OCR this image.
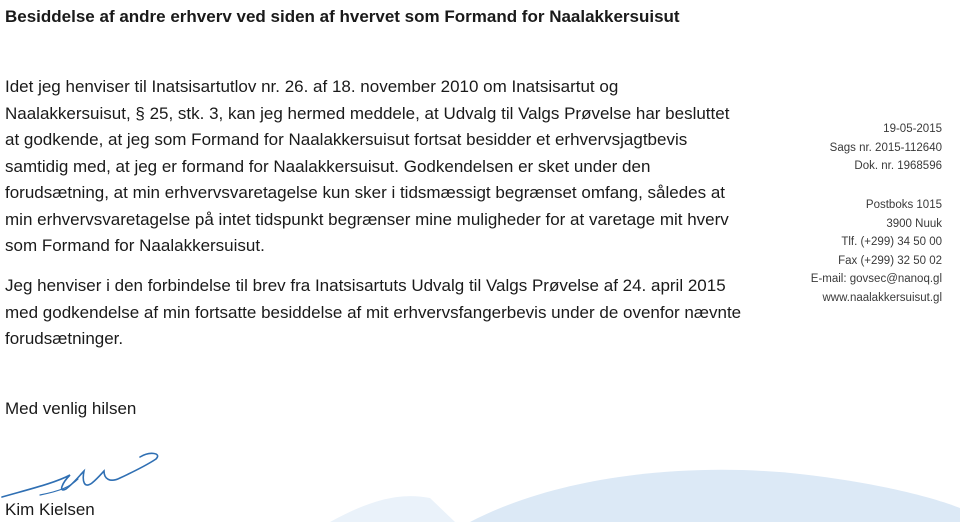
Besiddelse af andre erhverv ved siden af hvervet som Formand for Naalakkersuisut

Idet jeg henviser til Inatsisartutlov nr. 26. af 18. november 2010 om Inatsisartut og Naalakkersuisut, § 25, stk. 3, kan jeg hermed meddele, at Udvalg til Valgs Prøvelse har besluttet at godkende, at jeg som Formand for Naalakkersuisut fortsat besidder et erhvervsjagtbevis samtidig med, at jeg er formand for Naalakkersuisut. Godkendelsen er sket under den forudsætning, at min erhvervsvaretagelse kun sker i tidsmæssigt begrænset omfang, således at min erhvervsvaretagelse på intet tidspunkt begrænser mine muligheder for at varetage mit hverv som Formand for Naalakkersuisut.

Jeg henviser i den forbindelse til brev fra Inatsisartuts Udvalg til Valgs Prøvelse af 24. april 2015 med godkendelse af min fortsatte besiddelse af mit erhvervsfangerbevis under de ovenfor nævnte forudsætninger.

Med venlig hilsen
Kim Kielsen
19-05-2015
Sags nr. 2015-112640
Dok. nr. 1968596
Postboks 1015
3900 Nuuk
Tlf. (+299) 34 50 00
Fax (+299) 32 50 02
E-mail: govsec@nanoq.gl
www.naalakkersuisut.gl
